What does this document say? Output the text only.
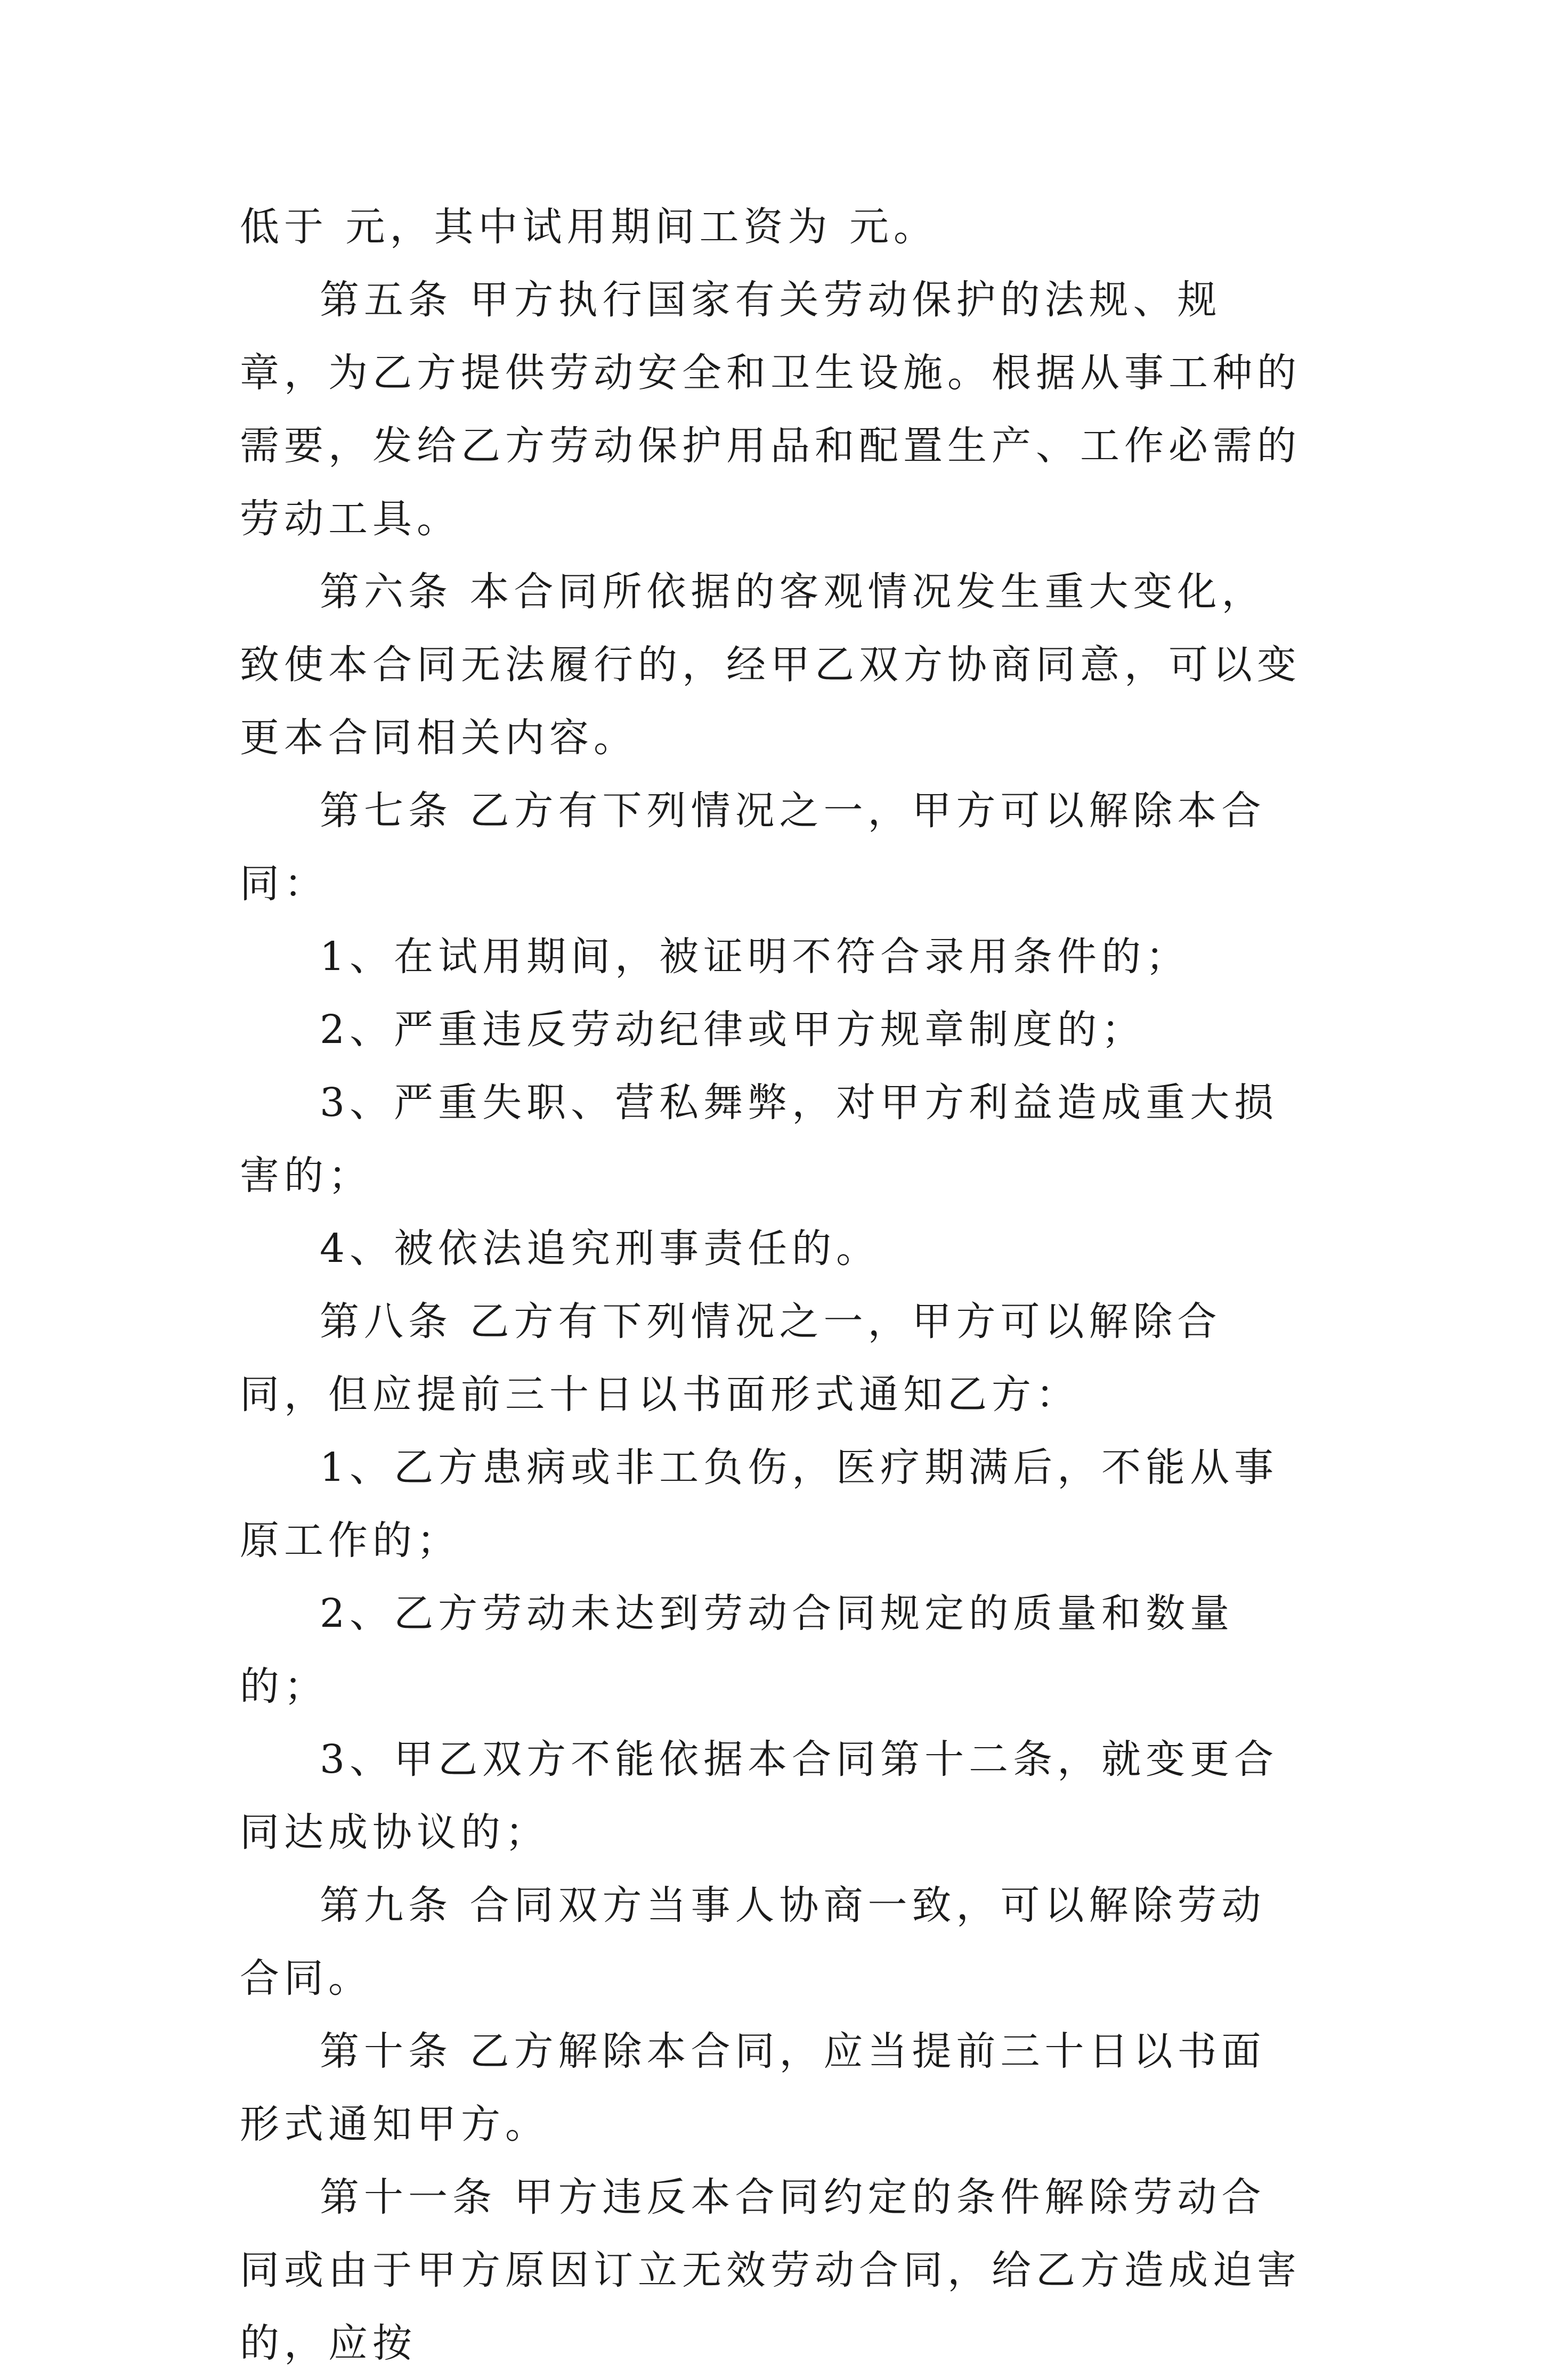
低于 元，其中试用期间工资为 元。

第五条 甲方执行国家有关劳动保护的法规、规章，为乙方提供劳动安全和卫生设施。根据从事工种的需要，发给乙方劳动保护用品和配置生产、工作必需的劳动工具。

第六条 本合同所依据的客观情况发生重大变化，致使本合同无法履行的，经甲乙双方协商同意，可以变更本合同相关内容。

第七条 乙方有下列情况之一，甲方可以解除本合同：

1、在试用期间，被证明不符合录用条件的；

2、严重违反劳动纪律或甲方规章制度的；

3、严重失职、营私舞弊，对甲方利益造成重大损害的；

4、被依法追究刑事责任的。

第八条 乙方有下列情况之一，甲方可以解除合同，但应提前三十日以书面形式通知乙方：

1、乙方患病或非工负伤，医疗期满后，不能从事原工作的；

2、乙方劳动未达到劳动合同规定的质量和数量的；

3、甲乙双方不能依据本合同第十二条，就变更合同达成协议的；

第九条 合同双方当事人协商一致，可以解除劳动合同。

第十条 乙方解除本合同，应当提前三十日以书面形式通知甲方。

第十一条 甲方违反本合同约定的条件解除劳动合同或由于甲方原因订立无效劳动合同，给乙方造成迫害的，应按
